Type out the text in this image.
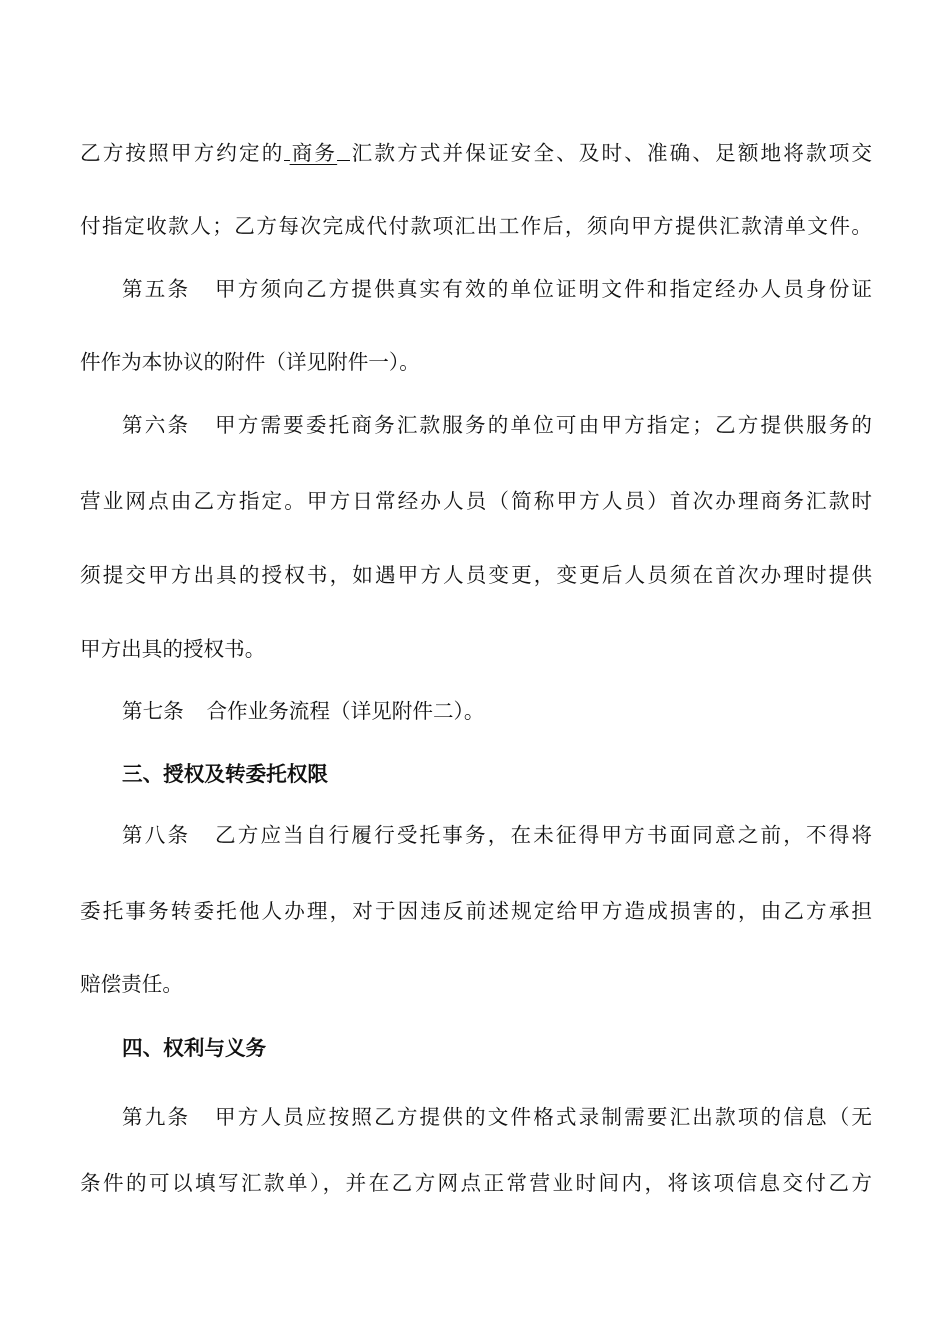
乙方按照甲方约定的 商务 汇款方式并保证安全、及时、准确、足额地将款项交
付指定收款人；乙方每次完成代付款项汇出工作后，须向甲方提供汇款清单文件。
第五条 甲方须向乙方提供真实有效的单位证明文件和指定经办人员身份证
件作为本协议的附件（详见附件一）。
第六条 甲方需要委托商务汇款服务的单位可由甲方指定；乙方提供服务的
营业网点由乙方指定。甲方日常经办人员（简称甲方人员）首次办理商务汇款时
须提交甲方出具的授权书，如遇甲方人员变更，变更后人员须在首次办理时提供
甲方出具的授权书。
第七条 合作业务流程（详见附件二）。
三、授权及转委托权限
第八条 乙方应当自行履行受托事务，在未征得甲方书面同意之前，不得将
委托事务转委托他人办理，对于因违反前述规定给甲方造成损害的，由乙方承担
赔偿责任。
四、权利与义务
第九条 甲方人员应按照乙方提供的文件格式录制需要汇出款项的信息（无
条件的可以填写汇款单），并在乙方网点正常营业时间内，将该项信息交付乙方
